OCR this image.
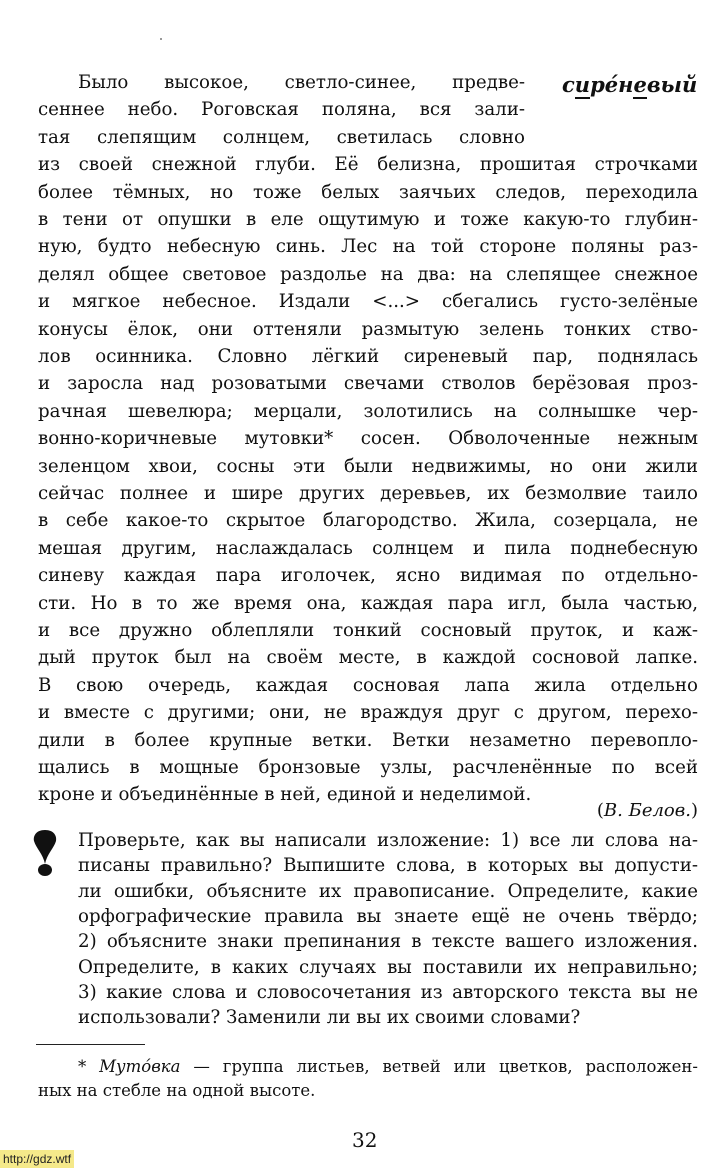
сире́невый
Было высокое, светло-синее, предве-
сеннее небо. Роговская поляна, вся зали-
тая слепящим солнцем, светилась словно
из своей снежной глуби. Её белизна, прошитая строчками
более тёмных, но тоже белых заячьих следов, переходила
в тени от опушки в еле ощутимую и тоже какую-то глубин-
ную, будто небесную синь. Лес на той стороне поляны раз-
делял общее световое раздолье на два: на слепящее снежное
и мягкое небесное. Издали <...> сбегались густо-зелёные
конусы ёлок, они оттеняли размытую зелень тонких ство-
лов осинника. Словно лёгкий сиреневый пар, поднялась
и заросла над розоватыми свечами стволов берёзовая проз-
рачная шевелюра; мерцали, золотились на солнышке чер-
вонно-коричневые мутовки* сосен. Обволоченные нежным
зеленцом хвои, сосны эти были недвижимы, но они жили
сейчас полнее и шире других деревьев, их безмолвие таило
в себе какое-то скрытое благородство. Жила, созерцала, не
мешая другим, наслаждалась солнцем и пила поднебесную
синеву каждая пара иголочек, ясно видимая по отдельно-
сти. Но в то же время она, каждая пара игл, была частью,
и все дружно облепляли тонкий сосновый пруток, и каж-
дый пруток был на своём месте, в каждой сосновой лапке.
В свою очередь, каждая сосновая лапа жила отдельно
и вместе с другими; они, не враждуя друг с другом, перехо-
дили в более крупные ветки. Ветки незаметно перевопло-
щались в мощные бронзовые узлы, расчленённые по всей
кроне и объединённые в ней, единой и неделимой.
(В. Белов.)
Проверьте, как вы написали изложение: 1) все ли слова на-
писаны правильно? Выпишите слова, в которых вы допусти-
ли ошибки, объясните их правописание. Определите, какие
орфографические правила вы знаете ещё не очень твёрдо;
2) объясните знаки препинания в тексте вашего изложения.
Определите, в каких случаях вы поставили их неправильно;
3) какие слова и словосочетания из авторского текста вы не
использовали? Заменили ли вы их своими словами?
* Муто́вка — группа листьев, ветвей или цветков, расположен-
ных на стебле на одной высоте.
32
http://gdz.wtf
